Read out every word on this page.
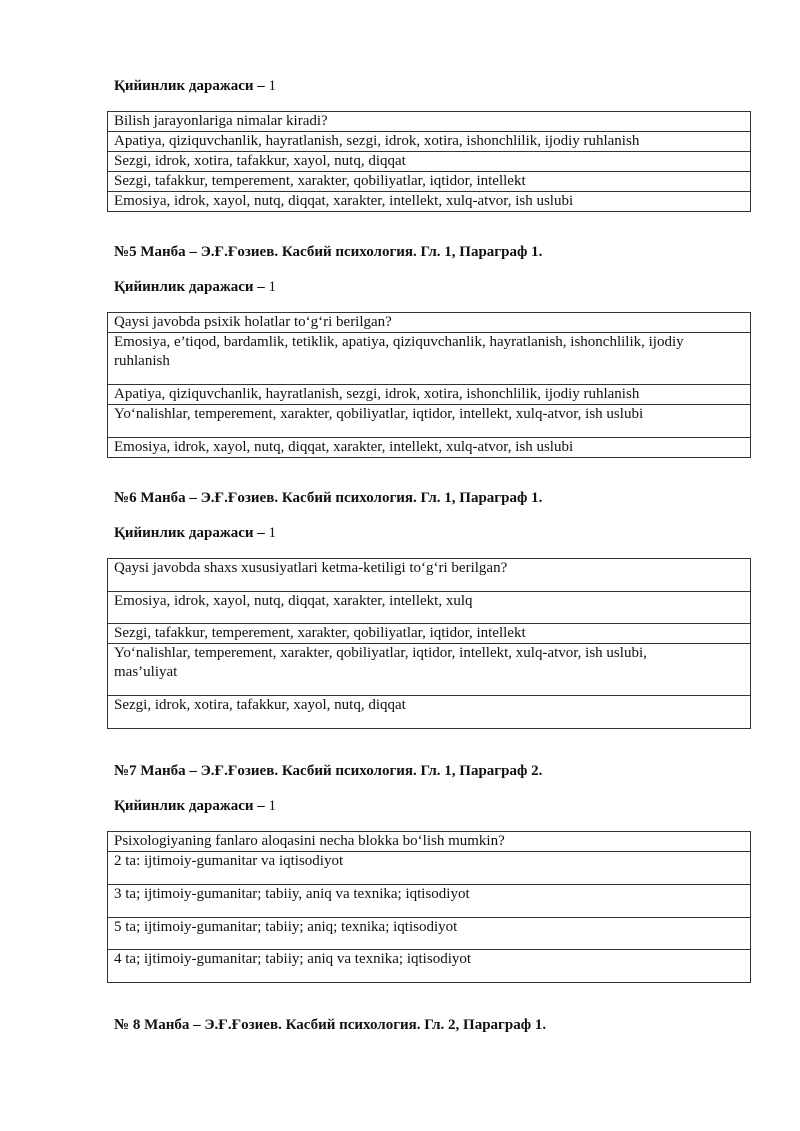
Қийинлик даражаси – 1
Bilish jarayonlariga nimalar kiradi?
Apatiya, qiziquvchanlik, hayratlanish, sezgi, idrok, xotira, ishonchlilik, ijodiy ruhlanish
Sezgi, idrok, xotira, tafakkur, xayol, nutq, diqqat
Sezgi, tafakkur, temperement, xarakter, qobiliyatlar, iqtidor, intellekt
Emosiya, idrok, xayol, nutq, diqqat, xarakter, intellekt, xulq-atvor, ish uslubi
№5 Манба – Э.Ғ.Ғозиев. Касбий психология. Гл. 1, Параграф 1.
Қийинлик даражаси – 1
Qaysi javobda psixik holatlar to‘g‘ri berilgan?

Emosiya, e’tiqod, bardamlik, tetiklik, apatiya, qiziquvchanlik, hayratlanish, ishonchlilik, ijodiy
ruhlanish

Apatiya, qiziquvchanlik, hayratlanish, sezgi, idrok, xotira, ishonchlilik, ijodiy ruhlanish
Yo‘nalishlar, temperement, xarakter, qobiliyatlar, iqtidor, intellekt, xulq-atvor, ish uslubi
Emosiya, idrok, xayol, nutq, diqqat, xarakter, intellekt, xulq-atvor, ish uslubi
№6 Манба – Э.Ғ.Ғозиев. Касбий психология. Гл. 1, Параграф 1.
Қийинлик даражаси – 1
Qaysi javobda shaxs xususiyatlari ketma-ketiligi to‘g‘ri berilgan?
Emosiya, idrok, xayol, nutq, diqqat, xarakter, intellekt, xulq
Sezgi, tafakkur, temperement, xarakter, qobiliyatlar, iqtidor, intellekt

Yo‘nalishlar, temperement, xarakter, qobiliyatlar, iqtidor, intellekt, xulq-atvor, ish uslubi,
mas’uliyat

Sezgi, idrok, xotira, tafakkur, xayol, nutq, diqqat
№7 Манба – Э.Ғ.Ғозиев. Касбий психология. Гл. 1, Параграф 2.
Қийинлик даражаси – 1
Psixologiyaning fanlaro aloqasini necha blokka bo‘lish mumkin?
2 ta: ijtimoiy-gumanitar va iqtisodiyot
3 ta; ijtimoiy-gumanitar; tabiiy, aniq va texnika; iqtisodiyot
5 ta; ijtimoiy-gumanitar; tabiiy; aniq; texnika; iqtisodiyot
4 ta; ijtimoiy-gumanitar; tabiiy; aniq va texnika; iqtisodiyot
№ 8 Манба – Э.Ғ.Ғозиев. Касбий психология. Гл. 2, Параграф 1.
